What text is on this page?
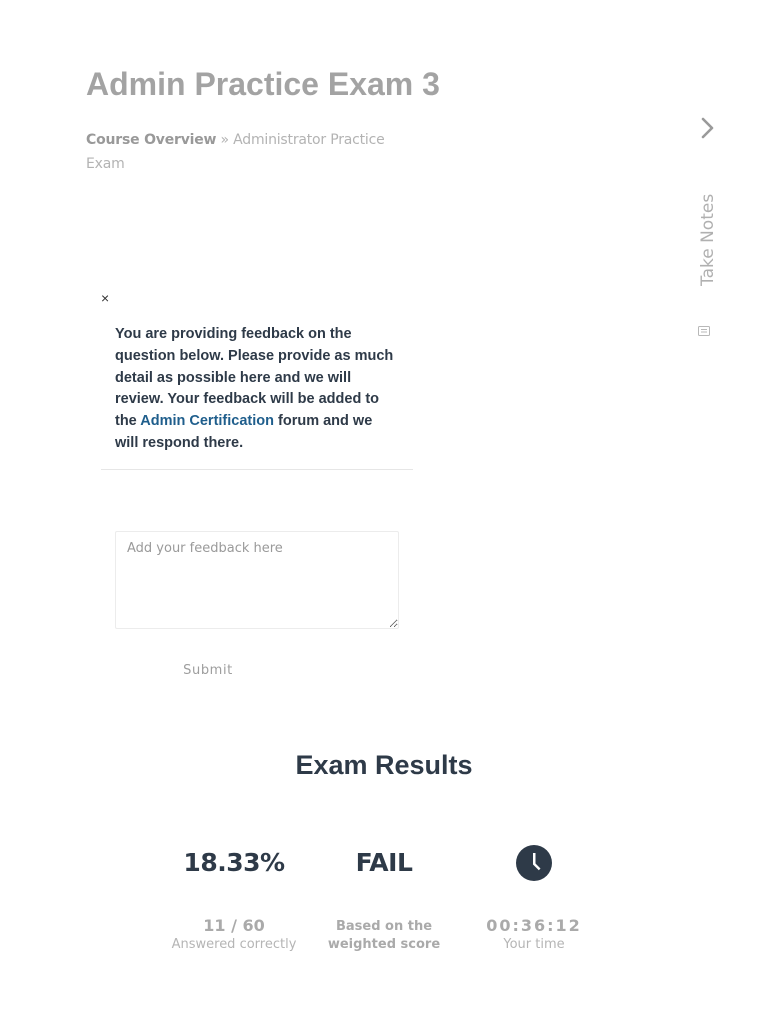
Admin Practice Exam 3
Course Overview » Administrator Practice Exam
Take Notes
×
You are providing feedback on the question below. Please provide as much detail as possible here and we will review. Your feedback will be added to the Admin Certification forum and we will respond there.
Add your feedback here
Submit
Exam Results
18.33%
11 / 60
Answered correctly
FAIL
Based on the
weighted score
00:36:12
Your time
